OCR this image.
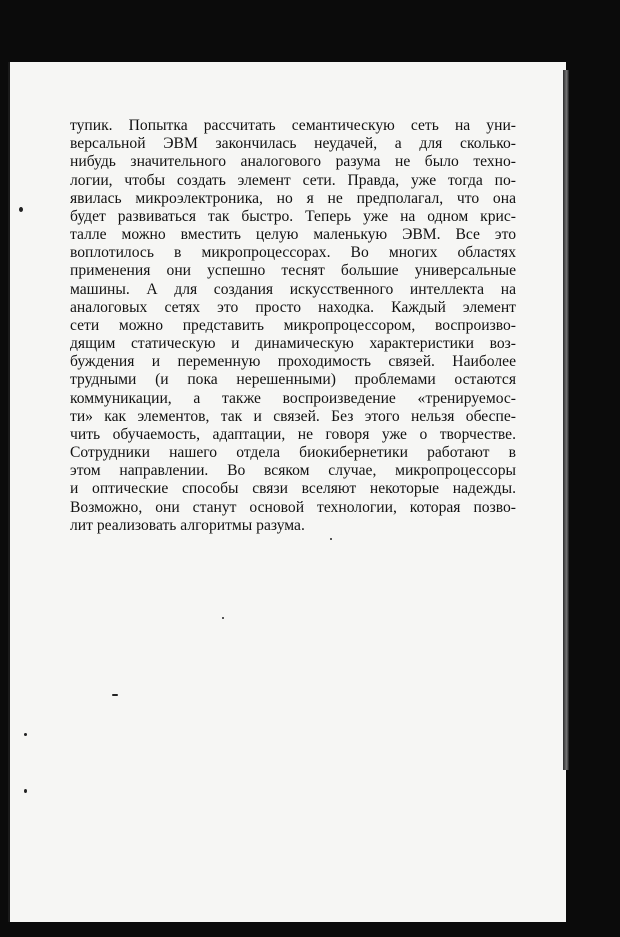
тупик. Попытка рассчитать семантическую сеть на уни-
версальной ЭВМ закончилась неудачей, а для сколько-
нибудь значительного аналогового разума не было техно-
логии, чтобы создать элемент сети. Правда, уже тогда по-
явилась микроэлектроника, но я не предполагал, что она
будет развиваться так быстро. Теперь уже на одном крис-
талле можно вместить целую маленькую ЭВМ. Все это
воплотилось в микропроцессорах. Во многих областях
применения они успешно теснят большие универсальные
машины. А для создания искусственного интеллекта на
аналоговых сетях это просто находка. Каждый элемент
сети можно представить микропроцессором, воспроизво-
дящим статическую и динамическую характеристики воз-
буждения и переменную проходимость связей. Наиболее
трудными (и пока нерешенными) проблемами остаются
коммуникации, а также воспроизведение «тренируемос-
ти» как элементов, так и связей. Без этого нельзя обеспе-
чить обучаемость, адаптации, не говоря уже о творчестве.
Сотрудники нашего отдела биокибернетики работают в
этом направлении. Во всяком случае, микропроцессоры
и оптические способы связи вселяют некоторые надежды.
Возможно, они станут основой технологии, которая позво-
лит реализовать алгоритмы разума.
